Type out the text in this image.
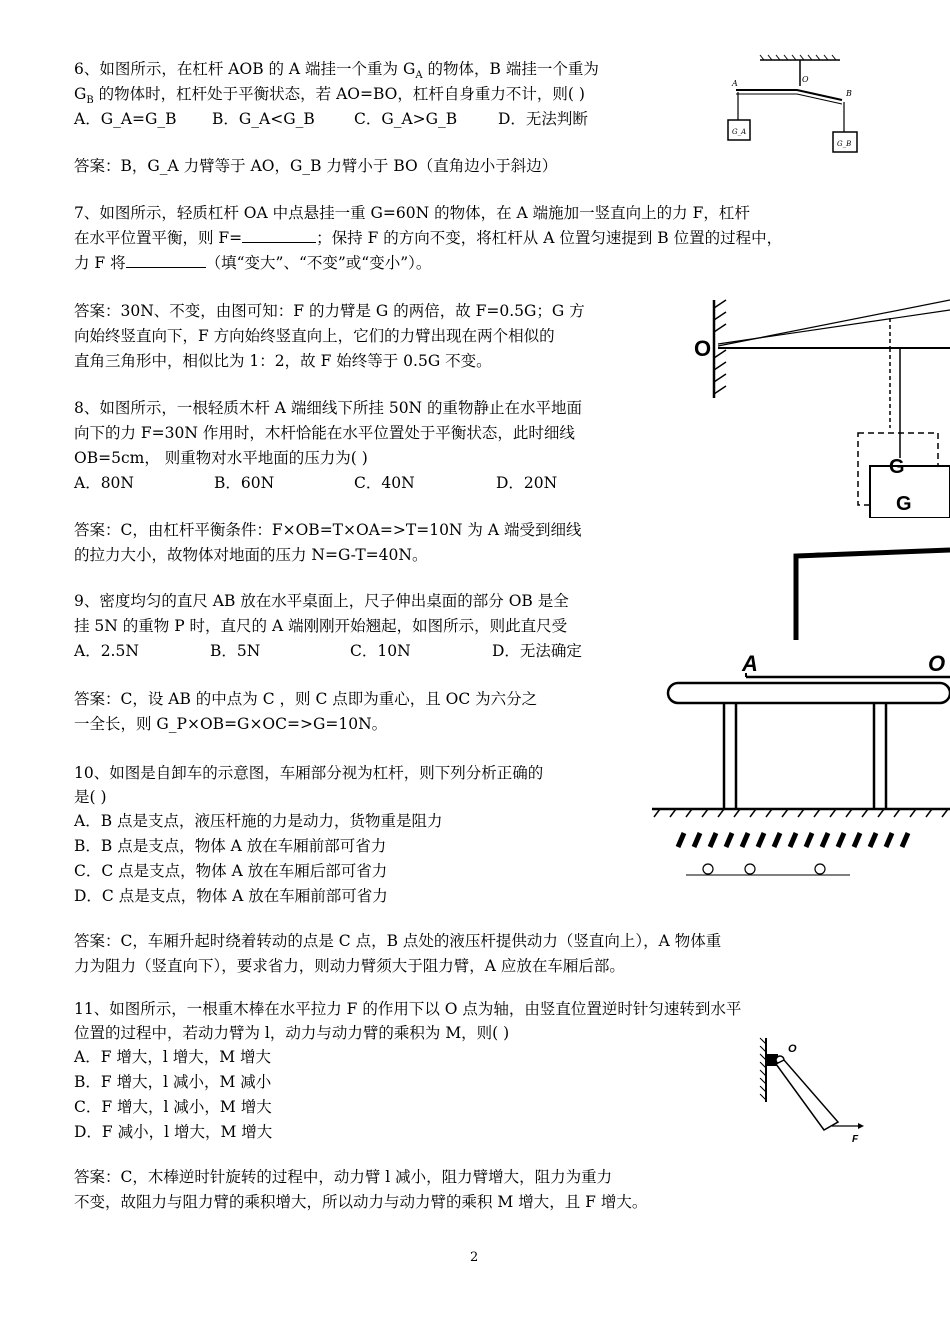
6、如图所示，在杠杆 AOB 的 A 端挂一个重为 $G_A$ 的物体，B 端挂一个重为
$G_B$ 的物体时，杠杆处于平衡状态，若 AO=BO，杠杆自身重力不计，则( )
A．G_A=G_B B．G_A<G_B	C．G_A>G_B	D．无法判断
答案：B，G_A 力臂等于 AO，G_B 力臂小于 BO（直角边小于斜边）
A	O
B
G_A
G_B
7、如图所示，轻质杠杆 OA 中点悬挂一重 G=60N 的物体，在 A 端施加一竖直向上的力 F，杠杆
在水平位置平衡，则 F=	；保持 F 的方向不变，将杠杆从 A 位置匀速提到 B 位置的过程中，
力 F 将	（填“变大”、“不变”或“变小”）。
答案：30N、不变，由图可知：F 的力臂是 G 的两倍，故 F=0.5G；G 方
向始终竖直向下，F 方向始终竖直向上，它们的力臂出现在两个相似的
直角三角形中，相似比为 1：2，故 F 始终等于 0.5G 不变。	O
G
G
8、如图所示，一根轻质木杆 A 端细线下所挂 50N 的重物静止在水平地面
向下的力 F=30N 作用时，木杆恰能在水平位置处于平衡状态，此时细线
OB=5cm， 则重物对水平地面的压力为( )
A．80N	B．60N	C．40N	D．20N
答案：C，由杠杆平衡条件：F×OB=T×OA=>T=10N 为 A 端受到细线
的拉力大小，故物体对地面的压力 N=G-T=40N。
9、密度均匀的直尺 AB 放在水平桌面上，尺子伸出桌面的部分 OB 是全
挂 5N 的重物 P 时，直尺的 A 端刚刚开始翘起，如图所示，则此直尺受
A．2.5N	B．5N	C．10N	D．无法确定
答案：C，设 AB 的中点为 C ，则 C 点即为重心，且 OC 为六分之
一全长，则 G_P×OB=G×OC=>G=10N。
A	O
10、如图是自卸车的示意图，车厢部分视为杠杆，则下列分析正确的
是( )
A．B 点是支点，液压杆施的力是动力，货物重是阻力
B．B 点是支点，物体 A 放在车厢前部可省力
C．C 点是支点，物体 A 放在车厢后部可省力
D．C 点是支点，物体 A 放在车厢前部可省力
答案：C，车厢升起时绕着转动的点是 C 点，B 点处的液压杆提供动力（竖直向上），A 物体重
力为阻力（竖直向下），要求省力，则动力臂须大于阻力臂，A 应放在车厢后部。
11、如图所示，一根重木棒在水平拉力 F 的作用下以 O 点为轴，由竖直位置逆时针匀速转到水平
位置的过程中，若动力臂为 l，动力与动力臂的乘积为 M，则( )
A．F 增大，l 增大，M 增大
B．F 增大，l 减小，M 减小
C．F 增大，l 减小，M 增大
D．F 减小，l 增大，M 增大
答案：C，木棒逆时针旋转的过程中，动力臂 l 减小，阻力臂增大，阻力为重力
不变，故阻力与阻力臂的乘积增大，所以动力与动力臂的乘积 M 增大，且 F 增大。
O
F
2
